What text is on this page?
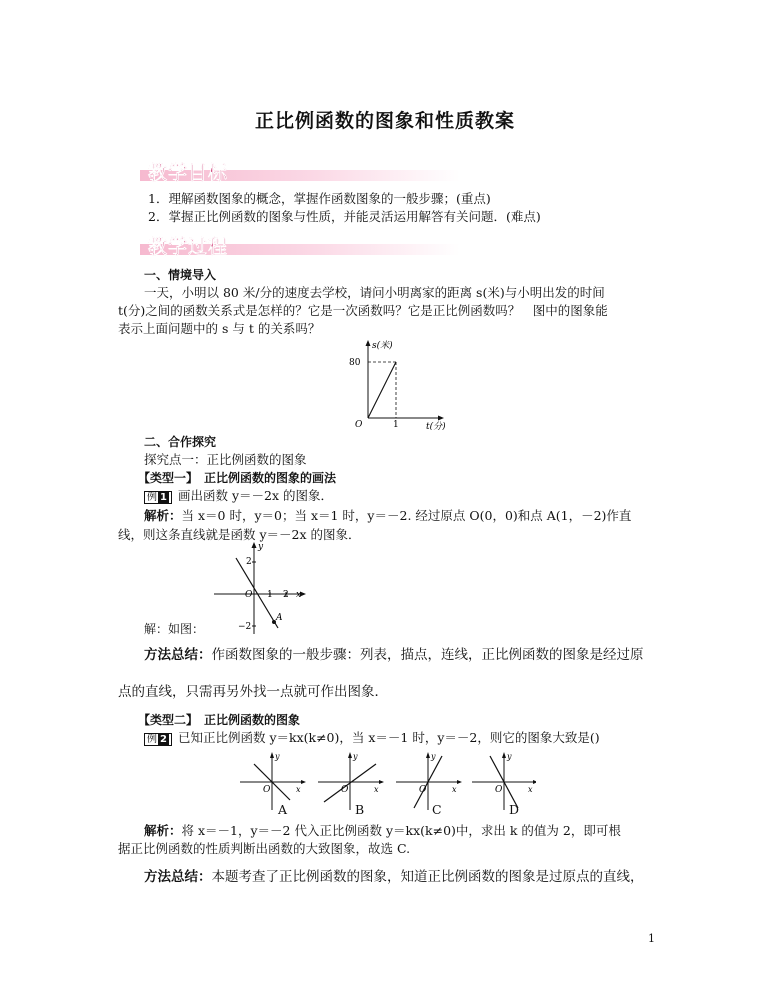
正比例函数的图象和性质教案
教学目标
1．理解函数图象的概念，掌握作函数图象的一般步骤；(重点)
2．掌握正比例函数的图象与性质，并能灵活运用解答有关问题．(难点)
教学过程
一、情境导入
一天，小明以 80 米/分的速度去学校，请问小明离家的距离 s(米)与小明出发的时间
t(分)之间的函数关系式是怎样的？它是一次函数吗？它是正比例函数吗？　图中的图象能
表示上面问题中的 s 与 t 的关系吗？
s(米)
80
O	1	t(分)
二、合作探究
探究点一：正比例函数的图象
【类型一】　正比例函数的图象的画法
例 1 画出函数 y＝－2x 的图象．
解析：当 x＝0 时，y＝0；当 x＝1 时，y＝－2. 经过原点 O(0，0)和点 A(1，－2)作直
线，则这条直线就是函数 y＝－2x 的图象．
y
2
O 1 2 x
−2
A
解：如图：
方法总结：作函数图象的一般步骤：列表，描点，连线，正比例函数的图象是经过原
点的直线，只需再另外找一点就可作出图象．
【类型二】　正比例函数的图象
例 2 已知正比例函数 y＝kx(k≠0)，当 x＝－1 时，y＝－2，则它的图象大致是()
y
O	x
y
O	x
y
O	x
y
O	x
A	B	C	D
解析：将 x＝－1，y＝－2 代入正比例函数 y＝kx(k≠0)中，求出 k 的值为 2，即可根
据正比例函数的性质判断出函数的大致图象，故选 C.
方法总结：本题考查了正比例函数的图象，知道正比例函数的图象是过原点的直线，
1
